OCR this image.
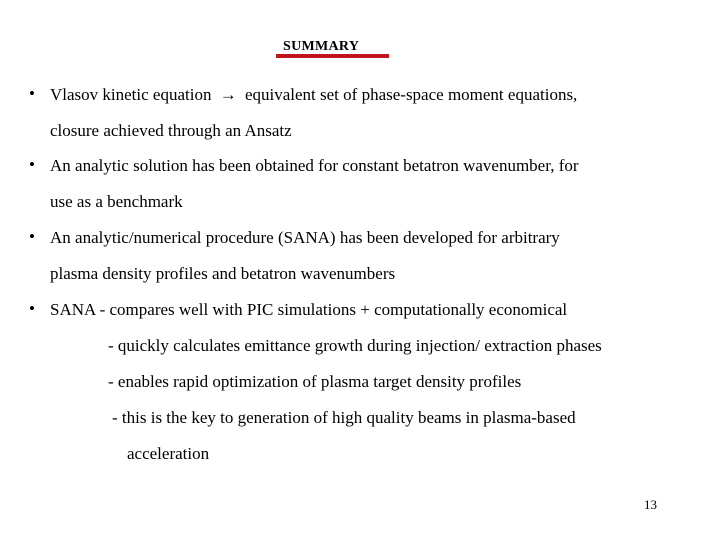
SUMMARY
• Vlasov kinetic equation → equivalent set of phase-space moment equations,
closure achieved through an Ansatz
• An analytic solution has been obtained for constant betatron wavenumber, for
use as a benchmark
• An analytic/numerical procedure (SANA) has been developed for arbitrary
plasma density profiles and betatron wavenumbers
• SANA - compares well with PIC simulations + computationally economical
- quickly calculates emittance growth during injection/ extraction phases
- enables rapid optimization of plasma target density profiles
- this is the key to generation of high quality beams in plasma-based
acceleration
13
